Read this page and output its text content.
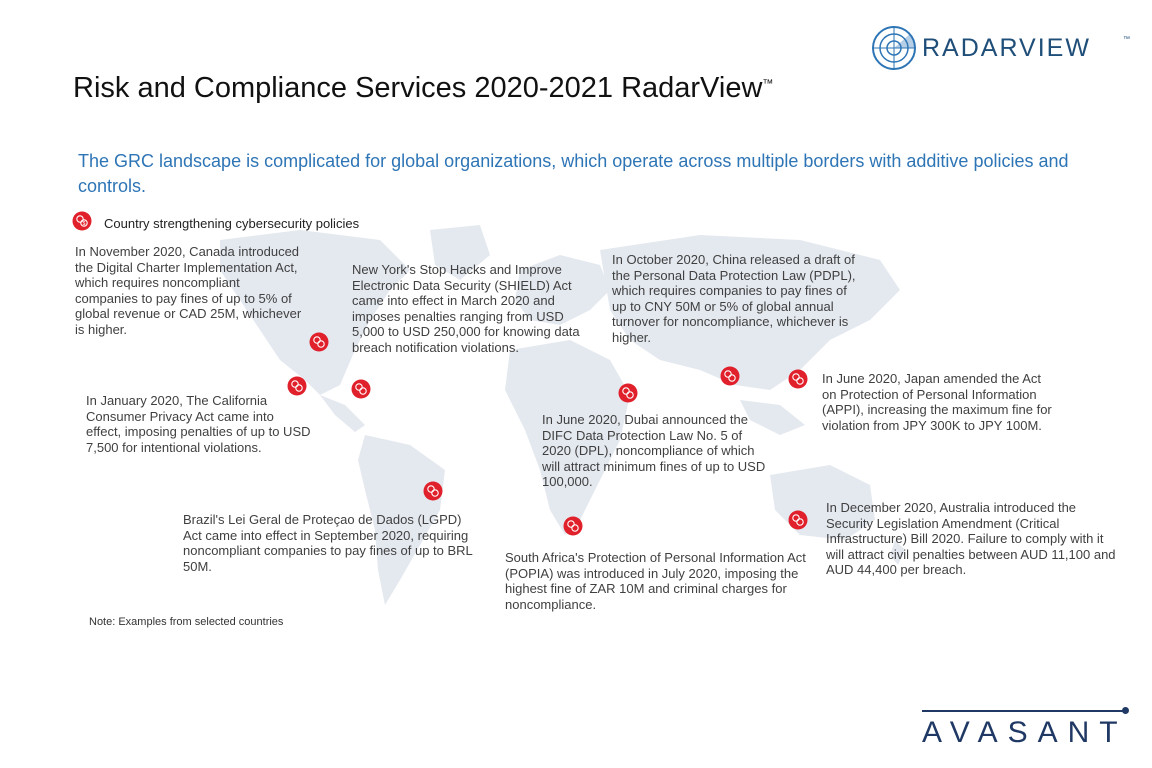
RADARVIEW	™
Risk and Compliance Services 2020-2021 RadarView™
The GRC landscape is complicated for global organizations, which operate across multiple borders with additive policies and controls.
$ Country strengthening cybersecurity policies
In November 2020, Canada introduced the Digital Charter Implementation Act, which requires noncompliant companies to pay fines of up to 5% of global revenue or CAD 25M, whichever is higher.
New York's Stop Hacks and Improve Electronic Data Security (SHIELD) Act came into effect in March 2020 and imposes penalties ranging from USD 5,000 to USD 250,000 for knowing data breach notification violations.
In October 2020, China released a draft of the Personal Data Protection Law (PDPL), which requires companies to pay fines of up to CNY 50M or 5% of global annual turnover for noncompliance, whichever is higher.
In January 2020, The California Consumer Privacy Act came into effect, imposing penalties of up to USD 7,500 for intentional violations.
In June 2020, Japan amended the Act on Protection of Personal Information (APPI), increasing the maximum fine for violation from JPY 300K to JPY 100M.
In June 2020, Dubai announced the DIFC Data Protection Law No. 5 of 2020 (DPL), noncompliance of which will attract minimum fines of up to USD 100,000.
In December 2020, Australia introduced the Security Legislation Amendment (Critical Infrastructure) Bill 2020. Failure to comply with it will attract civil penalties between AUD 11,100 and AUD 44,400 per breach.
Brazil's Lei Geral de Proteçao de Dados (LGPD) Act came into effect in September 2020, requiring noncompliant companies to pay fines of up to BRL 50M.
South Africa's Protection of Personal Information Act (POPIA) was introduced in July 2020, imposing the highest fine of ZAR 10M and criminal charges for noncompliance.
Note: Examples from selected countries
AVASANT
